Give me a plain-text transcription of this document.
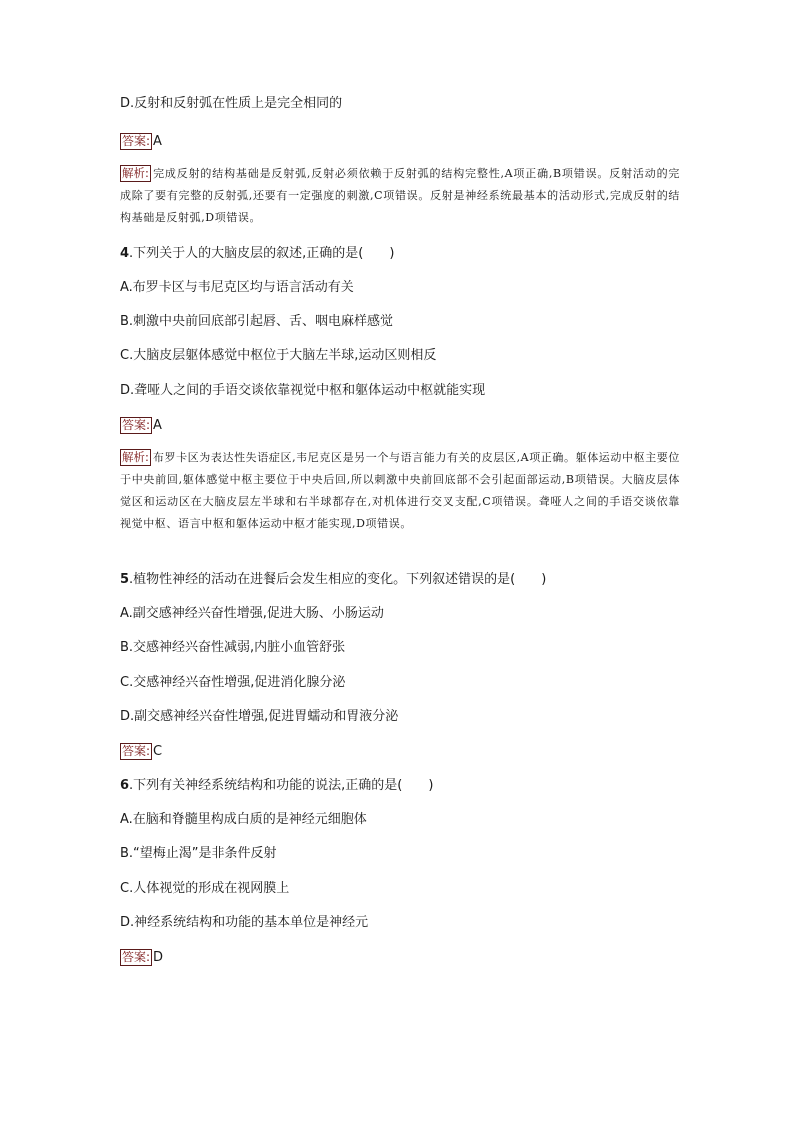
D.反射和反射弧在性质上是完全相同的
答案: A
解析: 完成反射的结构基础是反射弧,反射必须依赖于反射弧的结构完整性,A项正确,B项错误。反射活动的完成除了要有完整的反射弧,还要有一定强度的刺激,C项错误。反射是神经系统最基本的活动形式,完成反射的结构基础是反射弧,D项错误。
4.下列关于人的大脑皮层的叙述,正确的是(　　)
A.布罗卡区与韦尼克区均与语言活动有关
B.刺激中央前回底部引起唇、舌、咽电麻样感觉
C.大脑皮层躯体感觉中枢位于大脑左半球,运动区则相反
D.聋哑人之间的手语交谈依靠视觉中枢和躯体运动中枢就能实现
答案: A
解析: 布罗卡区为表达性失语症区,韦尼克区是另一个与语言能力有关的皮层区,A项正确。躯体运动中枢主要位于中央前回,躯体感觉中枢主要位于中央后回,所以刺激中央前回底部不会引起面部运动,B项错误。大脑皮层体觉区和运动区在大脑皮层左半球和右半球都存在,对机体进行交叉支配,C项错误。聋哑人之间的手语交谈依靠视觉中枢、语言中枢和躯体运动中枢才能实现,D项错误。
5.植物性神经的活动在进餐后会发生相应的变化。下列叙述错误的是(　　)
A.副交感神经兴奋性增强,促进大肠、小肠运动
B.交感神经兴奋性减弱,内脏小血管舒张
C.交感神经兴奋性增强,促进消化腺分泌
D.副交感神经兴奋性增强,促进胃蠕动和胃液分泌
答案: C
6.下列有关神经系统结构和功能的说法,正确的是(　　)
A.在脑和脊髓里构成白质的是神经元细胞体
B.“望梅止渴”是非条件反射
C.人体视觉的形成在视网膜上
D.神经系统结构和功能的基本单位是神经元
答案: D
